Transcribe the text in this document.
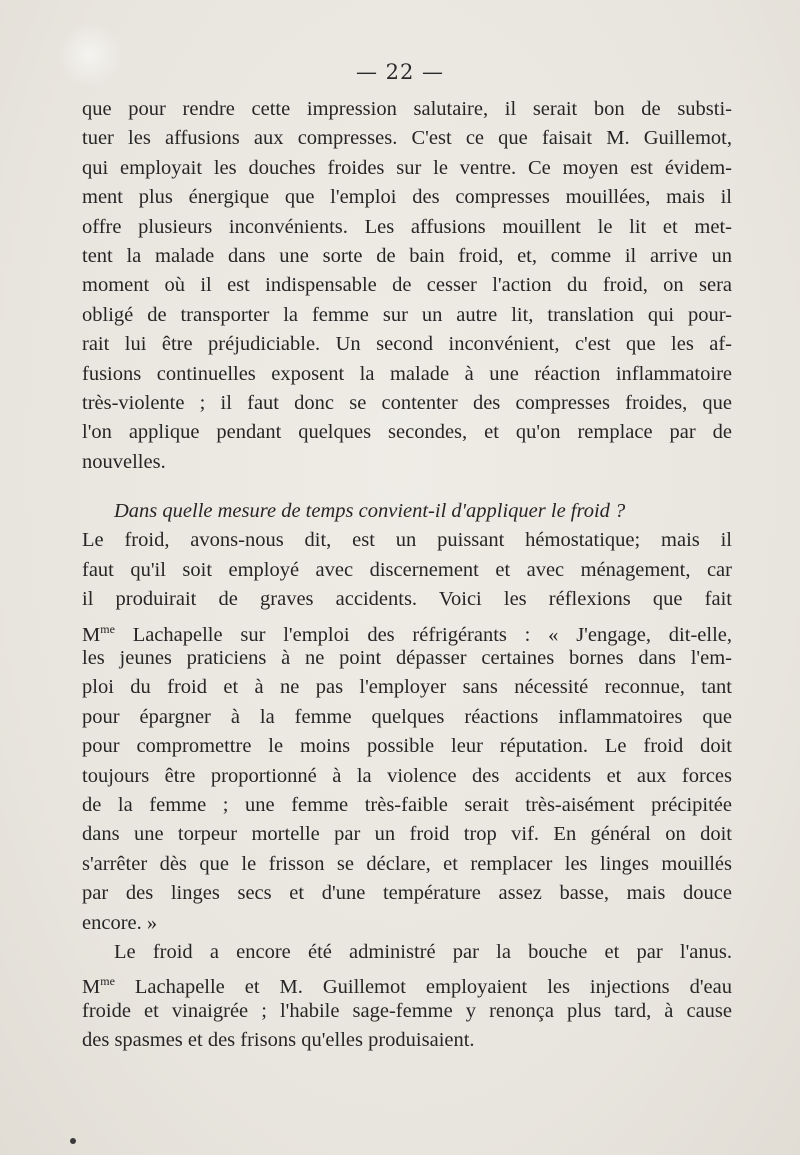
— 22 —
que pour rendre cette impression salutaire, il serait bon de substi-
tuer les affusions aux compresses. C'est ce que faisait M. Guillemot,
qui employait les douches froides sur le ventre. Ce moyen est évidem-
ment plus énergique que l'emploi des compresses mouillées, mais il
offre plusieurs inconvénients. Les affusions mouillent le lit et met-
tent la malade dans une sorte de bain froid, et, comme il arrive un
moment où il est indispensable de cesser l'action du froid, on sera
obligé de transporter la femme sur un autre lit, translation qui pour-
rait lui être préjudiciable. Un second inconvénient, c'est que les af-
fusions continuelles exposent la malade à une réaction inflammatoire
très-violente ; il faut donc se contenter des compresses froides, que
l'on applique pendant quelques secondes, et qu'on remplace par de
nouvelles.
Dans quelle mesure de temps convient-il d'appliquer le froid ?
Le froid, avons-nous dit, est un puissant hémostatique; mais il
faut qu'il soit employé avec discernement et avec ménagement, car
il produirait de graves accidents. Voici les réflexions que fait
$M^{me}$ Lachapelle sur l'emploi des réfrigérants : « J'engage, dit-elle,
les jeunes praticiens à ne point dépasser certaines bornes dans l'em-
ploi du froid et à ne pas l'employer sans nécessité reconnue, tant
pour épargner à la femme quelques réactions inflammatoires que
pour compromettre le moins possible leur réputation. Le froid doit
toujours être proportionné à la violence des accidents et aux forces
de la femme ; une femme très-faible serait très-aisément précipitée
dans une torpeur mortelle par un froid trop vif. En général on doit
s'arrêter dès que le frisson se déclare, et remplacer les linges mouillés
par des linges secs et d'une température assez basse, mais douce
encore. »
Le froid a encore été administré par la bouche et par l'anus.
$M^{me}$ Lachapelle et M. Guillemot employaient les injections d'eau
froide et vinaigrée ; l'habile sage-femme y renonça plus tard, à cause
des spasmes et des frisons qu'elles produisaient.
